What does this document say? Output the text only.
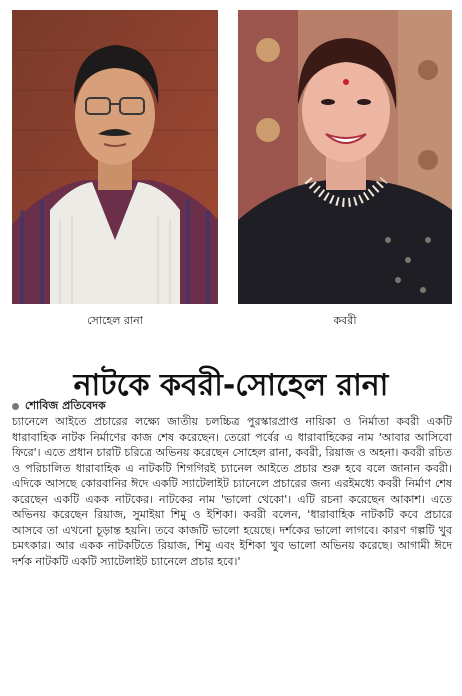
সোহেল রানা	কবরী
নাটকে কবরী-সোহেল রানা
শোবিজ প্রতিবেদক

চ্যানেলে আইতে প্রচারের লক্ষ্যে জাতীয় চলচ্চিত্র পুরস্কারপ্রাপ্ত নায়িকা ও নির্মাতা কবরী একটি ধারাবাহিক নাটক নির্মাণের কাজ শেষ করেছেন। তেরো পর্বের এ ধারাবাহিকের নাম 'আবার আসিবো ফিরে'। এতে প্রধান চারটি চরিত্রে অভিনয় করেছেন সোহেল রানা, কবরী, রিয়াজ ও অহনা। কবরী রচিত ও পরিচালিত ধারাবাহিক এ নাটকটি শিগগিরই চ্যানেল আইতে প্রচার শুরু হবে বলে জানান কবরী। এদিকে আসছে কোরবানির ঈদে একটি স্যাটেলাইট চ্যানেলে প্রচারের জন্য এরইমধ্যে কবরী নির্মাণ শেষ করেছেন একটি একক নাটকের। নাটকের নাম 'ভালো থেকো'। এটি রচনা করেছেন আকাশ। এতে অভিনয় করেছেন রিয়াজ, সুমাইয়া শিমু ও ইশিকা। কবরী বলেন, 'ধারাবাহিক নাটকটি কবে প্রচারে আসবে তা এখনো চূড়ান্ত হয়নি। তবে কাজটি ভালো হয়েছে। দর্শকের ভালো লাগবে। কারণ গল্পটি খুব চমৎকার। আর একক নাটকটিতে রিয়াজ, শিমু এবং ইশিকা খুব ভালো অভিনয় করেছে। আগামী ঈদে দর্শক নাটকটি একটি স্যাটেলাইট চ্যানেলে প্রচার হবে।'
